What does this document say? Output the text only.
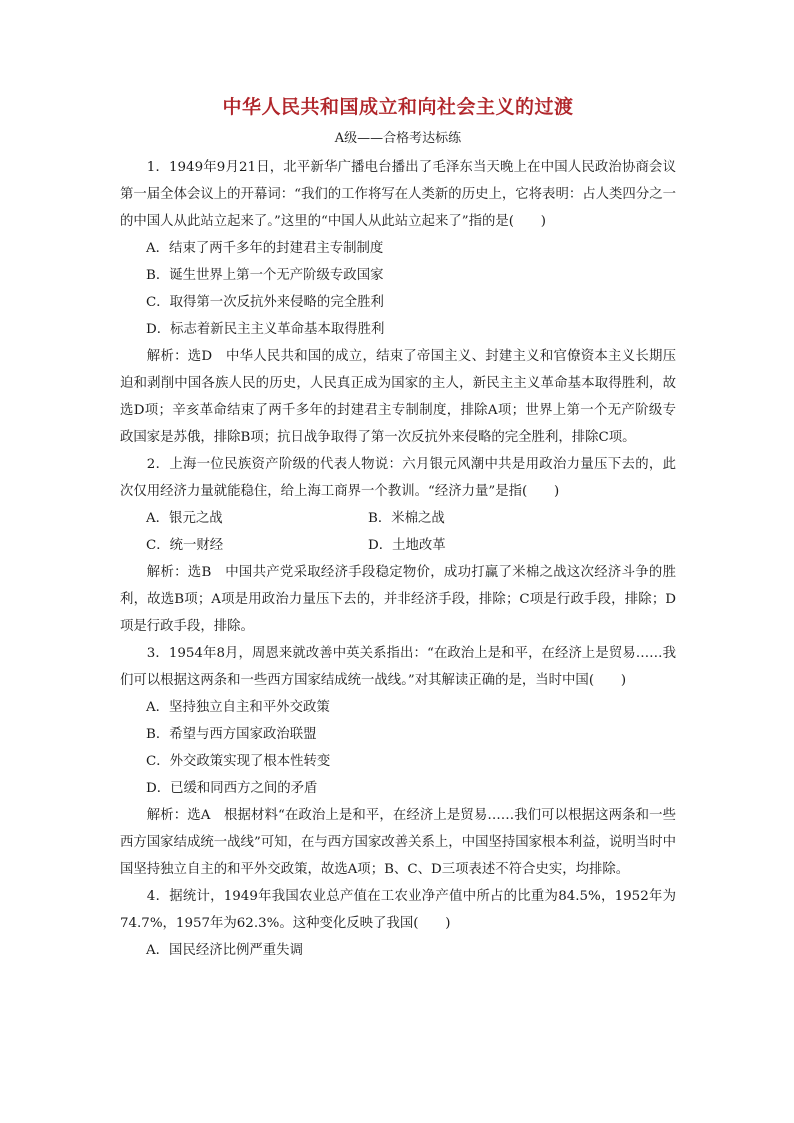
中华人民共和国成立和向社会主义的过渡
A级——合格考达标练

1．1949年9月21日，北平新华广播电台播出了毛泽东当天晚上在中国人民政治协商会议第一届全体会议上的开幕词：“我们的工作将写在人类新的历史上，它将表明：占人类四分之一的中国人从此站立起来了。”这里的“中国人从此站立起来了”指的是(　　)

A．结束了两千多年的封建君主专制制度

B．诞生世界上第一个无产阶级专政国家

C．取得第一次反抗外来侵略的完全胜利

D．标志着新民主主义革命基本取得胜利

解析：选D　中华人民共和国的成立，结束了帝国主义、封建主义和官僚资本主义长期压迫和剥削中国各族人民的历史，人民真正成为国家的主人，新民主主义革命基本取得胜利，故选D项；辛亥革命结束了两千多年的封建君主专制制度，排除A项；世界上第一个无产阶级专政国家是苏俄，排除B项；抗日战争取得了第一次反抗外来侵略的完全胜利，排除C项。

2．上海一位民族资产阶级的代表人物说：六月银元风潮中共是用政治力量压下去的，此次仅用经济力量就能稳住，给上海工商界一个教训。“经济力量”是指(　　)

A．银元之战	B．米棉之战
C．统一财经	D．土地改革

解析：选B　中国共产党采取经济手段稳定物价，成功打赢了米棉之战这次经济斗争的胜利，故选B项；A项是用政治力量压下去的，并非经济手段，排除；C项是行政手段，排除；D项是行政手段，排除。

3．1954年8月，周恩来就改善中英关系指出：“在政治上是和平，在经济上是贸易……我们可以根据这两条和一些西方国家结成统一战线。”对其解读正确的是，当时中国(　　)

A．坚持独立自主和平外交政策

B．希望与西方国家政治联盟

C．外交政策实现了根本性转变

D．已缓和同西方之间的矛盾

解析：选A　根据材料“在政治上是和平，在经济上是贸易……我们可以根据这两条和一些西方国家结成统一战线”可知，在与西方国家改善关系上，中国坚持国家根本利益，说明当时中国坚持独立自主的和平外交政策，故选A项；B、C、D三项表述不符合史实，均排除。

4．据统计，1949年我国农业总产值在工农业净产值中所占的比重为84.5%，1952年为74.7%，1957年为62.3%。这种变化反映了我国(　　)

A．国民经济比例严重失调
